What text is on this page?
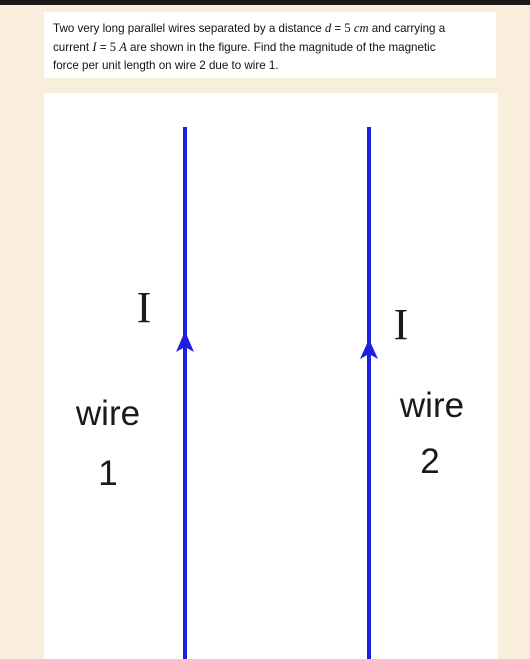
Two very long parallel wires separated by a distance d = 5 cm and carrying a
current I = 5 A are shown in the figure. Find the magnitude of the magnetic
force per unit length on wire 2 due to wire 1.
I	I
wire
1
wire
2
